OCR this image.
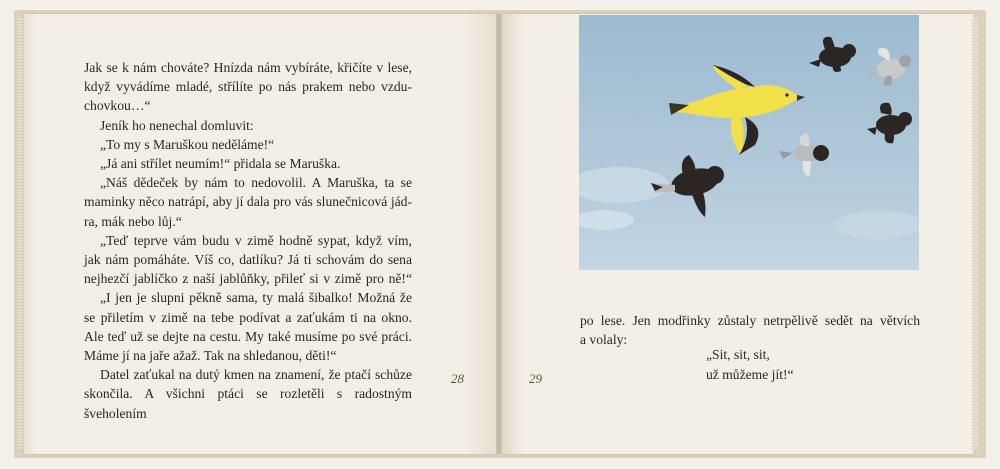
Jak se k nám chováte? Hnízda nám vybíráte, křičíte v lese,
když vyvádíme mladé, střílíte po nás prakem nebo vzdu-
chovkou…“
Jeník ho nenechal domluvit:
„To my s Maruškou neděláme!“
„Já ani střílet neumím!“ přidala se Maruška.
„Náš dědeček by nám to nedovolil. A Maruška, ta se
maminky něco natrápí, aby jí dala pro vás slunečnicová jád-
ra, mák nebo lůj.“
„Teď teprve vám budu v zimě hodně sypat, když vím,
jak nám pomáháte. Víš co, datlíku? Já ti schovám do sena
nejhezčí jablíčko z naší jablůňky, přileť si v zimě pro ně!“
„I jen je slupni pěkně sama, ty malá šibalko! Možná že
se přiletím v zimě na tebe podívat a zaťukám ti na okno.
Ale teď už se dejte na cestu. My také musíme po své práci.
Máme jí na jaře ažaž. Tak na shledanou, děti!“
Datel zaťukal na dutý kmen na znamení, že ptačí schůze
skončila. A všichni ptáci se rozletěli s radostným šveholením
28
po lese. Jen modřinky zůstaly netrpělivě sedět na větvích
a volaly:
„Sit, sit, sit,
už můžeme jít!“
29
